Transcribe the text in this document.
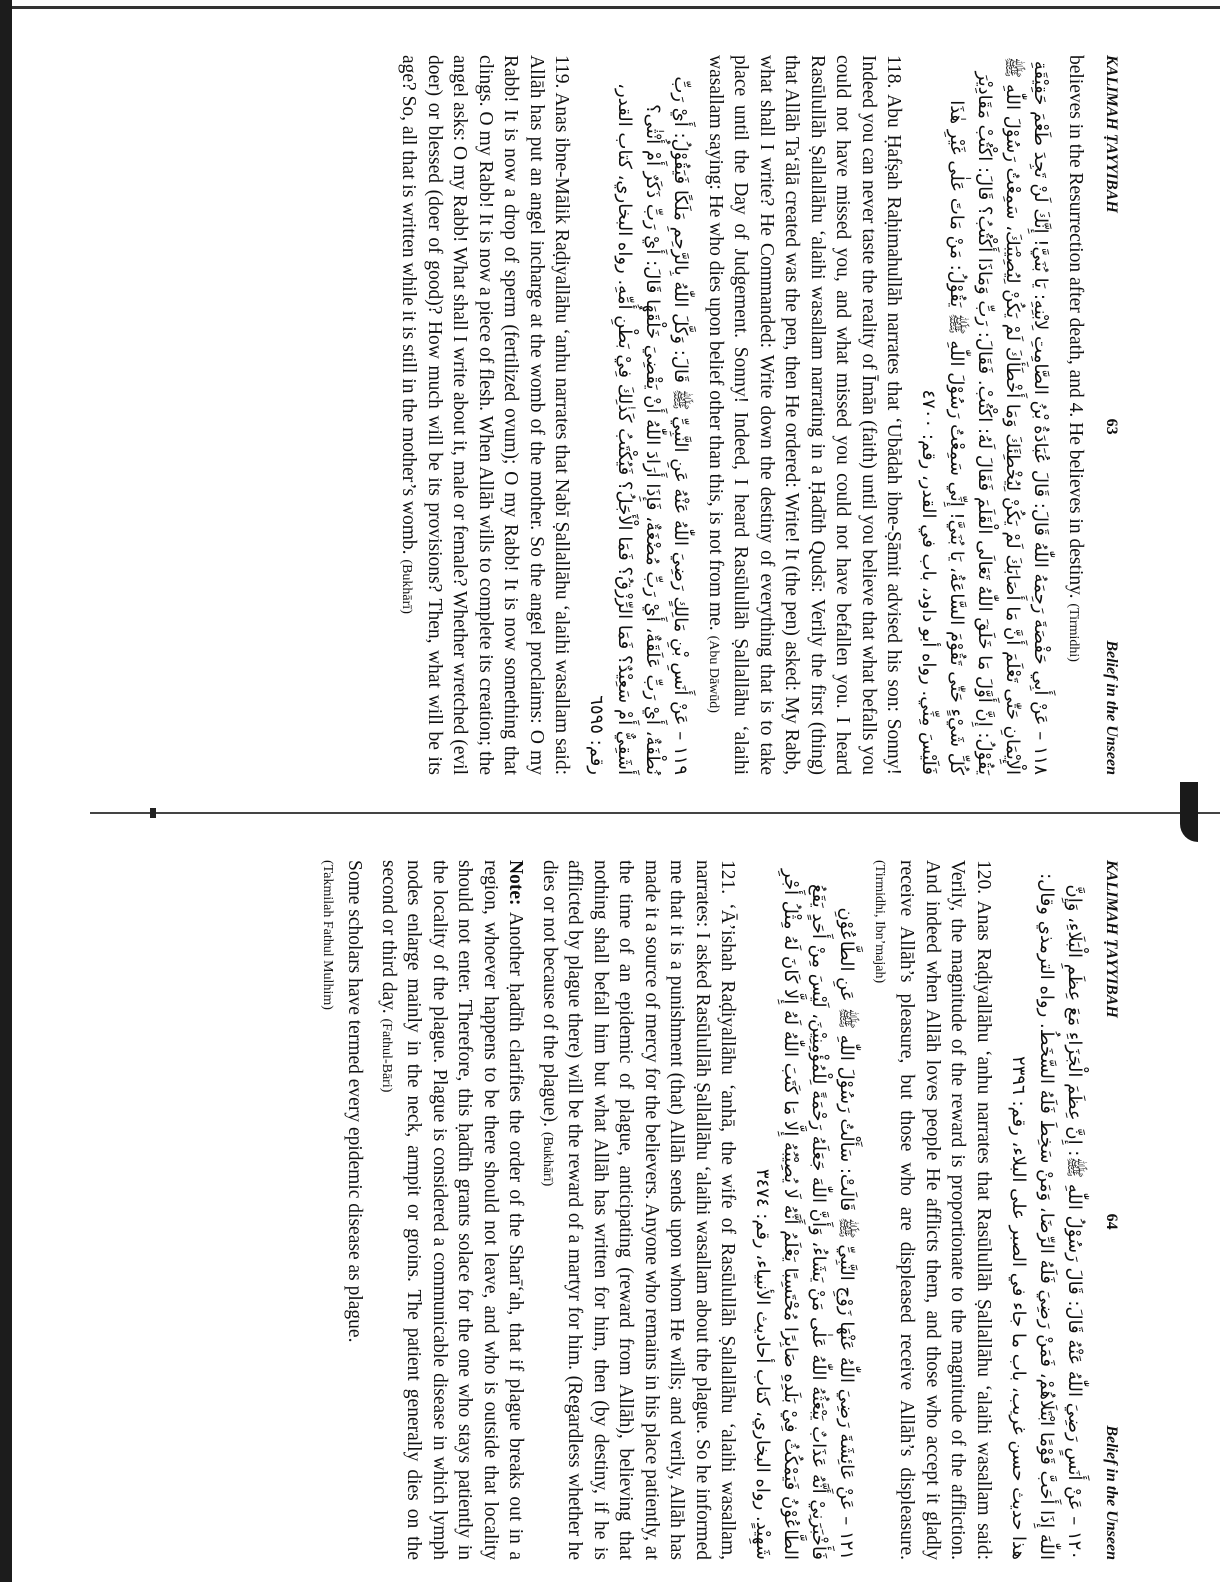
KALIMAH ṬAYYIBAH
63
Belief in the Unseen

believes in the Resurrection after death, and 4. He believes in destiny. (Tirmidhi)

١١٨ – عَنْ أَبِي حَفْصَةَ رَحِمَهُ اللّٰهُ قَالَ: قَالَ عُبَادَةُ بْنُ الصَّامِتِ لِابْنِهِ: يَا بُنَيَّ! إِنَّكَ لَنْ تَجِدَ طَعْمَ حَقِيْقَةِ الْإِيْمَانِ حَتّٰى تَعْلَمَ أَنَّ مَا أَصَابَكَ لَمْ يَكُنْ لِيُخْطِئَكَ وَمَا أَخْطَأَكَ لَمْ يَكُنْ لِيُصِيْبَكَ، سَمِعْتُ رَسُوْلَ اللّٰهِ ﷺ يَقُوْلُ: إِنَّ أَوَّلَ مَا خَلَقَ اللّٰهُ تَعَالَى الْقَلَمَ فَقَالَ لَهُ: اكْتُبْ. فَقَالَ: رَبِّ وَمَاذَا أَكْتُبُ؟ قَالَ: اكْتُبْ مَقَادِيْرَ كُلِّ شَيْءٍ حَتّٰى تَقُوْمَ السَّاعَةُ، يَا بُنَيَّ! إِنِّي سَمِعْتُ رَسُوْلَ اللّٰهِ ﷺ يَقُوْلُ: مَنْ مَاتَ عَلٰى غَيْرِ هٰذَا فَلَيْسَ مِنِّي. رواه أبو داود، باب في القدر، رقم: ٤٧٠٠

118. Abu Ḥafṣah Raḥimahullāh narrates that ‘Ubādah ibne-Ṣāmit advised his son: Sonny! Indeed you can never taste the reality of Īmān (faith) until you believe that what befalls you could not have missed you, and what missed you could not have befallen you. I heard Rasūlullāh Ṣallallāhu ‘alaihi wasallam narrating in a Ḥadīth Qudsī: Verily the first (thing) that Allāh Ta‘ālā created was the pen, then He ordered: Write! It (the pen) asked: My Rabb, what shall I write? He Commanded: Write down the destiny of everything that is to take place until the Day of Judgement. Sonny! Indeed, I heard Rasūlullāh Ṣallallāhu ‘alaihi wasallam saying: He who dies upon belief other than this, is not from me. (Abu Dāwūd)

١١٩ – عَنْ أَنَسِ بْنِ مَالِكٍ رَضِيَ اللّٰهُ عَنْهُ عَنِ النَّبِيِّ ﷺ قَالَ: وَكَّلَ اللّٰهُ بِالرَّحِمِ مَلَكًا فَيَقُوْلُ: أَيْ رَبِّ نُطْفَةٌ، أَيْ رَبِّ عَلَقَةٌ، أَيْ رَبِّ مُضْغَةٌ، فَإِذَا أَرَادَ اللّٰهُ أَنْ يَقْضِيَ خَلْقَهَا قَالَ: أَيْ رَبِّ ذَكَرٌ أَمْ أُنْثٰى؟ أَشَقِيٌّ أَمْ سَعِيْدٌ؟ فَمَا الرِّزْقُ؟ فَمَا الْأَجَلُ؟ فَيُكْتَبُ كَذٰلِكَ فِيْ بَطْنِ أُمِّهِ. رواه البخاري، كتاب القدر، رقم: ٦٥٩٥

119. Anas ibne-Mālik Raḍiyallāhu ‘anhu narrates that Nabī Ṣallallāhu ‘alaihi wasallam said: Allāh has put an angel incharge at the womb of the mother. So the angel proclaims: O my Rabb! It is now a drop of sperm (fertilized ovum); O my Rabb! It is now something that clings. O my Rabb! It is now a piece of flesh. When Allāh wills to complete its creation; the angel asks: O my Rabb! What shall I write about it, male or female? Whether wretched (evil doer) or blessed (doer of good)? How much will be its provisions? Then, what will be its age? So, all that is written while it is still in the mother’s womb. (Bukhārī)

KALIMAH ṬAYYIBAH
64
Belief in the Unseen

١٢٠ – عَنْ أَنَسٍ رَضِيَ اللّٰهُ عَنْهُ قَالَ: قَالَ رَسُوْلُ اللّٰهِ ﷺ: إِنَّ عِظَمَ الْجَزَاءِ مَعَ عِظَمِ الْبَلَاءِ، وَإِنَّ اللّٰهَ إِذَا أَحَبَّ قَوْمًا ابْتَلَاهُمْ، فَمَنْ رَضِيَ فَلَهُ الرِّضَا، وَمَنْ سَخِطَ فَلَهُ السَّخَطُ. رواه الترمذي وقال: هذا حديث حسن غريب، باب ما جاء في الصبر على البلاء، رقم: ٢٣٩٦

120. Anas Raḍiyallāhu ‘anhu narrates that Rasūlullāh Ṣallallāhu ‘alaihi wasallam said: Verily, the magnitude of the reward is proportionate to the magnitude of the affliction. And indeed when Allāh loves people He afflicts them, and those who accept it gladly receive Allāh’s pleasure, but those who are displeased receive Allāh’s displeasure. (Tirmidhi, Ibn’majah)

١٢١ – عَنْ عَائِشَةَ رَضِيَ اللّٰهُ عَنْهَا زَوْجِ النَّبِيِّ ﷺ قَالَتْ: سَأَلْتُ رَسُوْلَ اللّٰهِ ﷺ عَنِ الطَّاعُوْنِ فَأَخْبَرَنِيْ أَنَّهُ عَذَابٌ يَبْعَثُهُ اللّٰهُ عَلٰى مَنْ يَشَاءُ، وَأَنَّ اللّٰهَ جَعَلَهُ رَحْمَةً لِلْمُؤْمِنِيْنَ، لَيْسَ مِنْ أَحَدٍ يَقَعُ الطَّاعُوْنُ فَيَمْكُثُ فِيْ بَلَدِهِ صَابِرًا مُحْتَسِبًا يَعْلَمُ أَنَّهُ لَا يُصِيْبُهُ إِلَّا مَا كَتَبَ اللّٰهُ لَهُ إِلَّا كَانَ لَهُ مِثْلُ أَجْرِ شَهِيْدٍ. رواه البخاري، كتاب أحاديث الأنبياء، رقم: ٣٤٧٤

121. ‘Ā’ishah Raḍiyallāhu ‘anhā, the wife of Rasūlullāh Ṣallallāhu ‘alaihi wasallam, narrates: I asked Rasūlullāh Ṣallallāhu ‘alaihi wasallam about the plague. So he informed me that it is a punishment (that) Allāh sends upon whom He wills; and verily, Allāh has made it a source of mercy for the believers. Anyone who remains in his place patiently, at the time of an epidemic of plague, anticipating (reward from Allāh), believing that nothing shall befall him but what Allāh has written for him, then (by destiny, if he is afflicted by plague there) will be the reward of a martyr for him. (Regardless whether he dies or not because of the plague). (Bukhārī)

Note: Another ḥadīth clarifies the order of the Sharī‘ah, that if plague breaks out in a region, whoever happens to be there should not leave, and who is outside that locality should not enter. Therefore, this ḥadīth grants solace for the one who stays patiently in the locality of the plague. Plague is considered a communicable disease in which lymph nodes enlarge mainly in the neck, armpit or groins. The patient generally dies on the second or third day. (Fathul-Bāri)

Some scholars have termed every epidemic disease as plague.
(Takmilah Fathul Mulhim)
